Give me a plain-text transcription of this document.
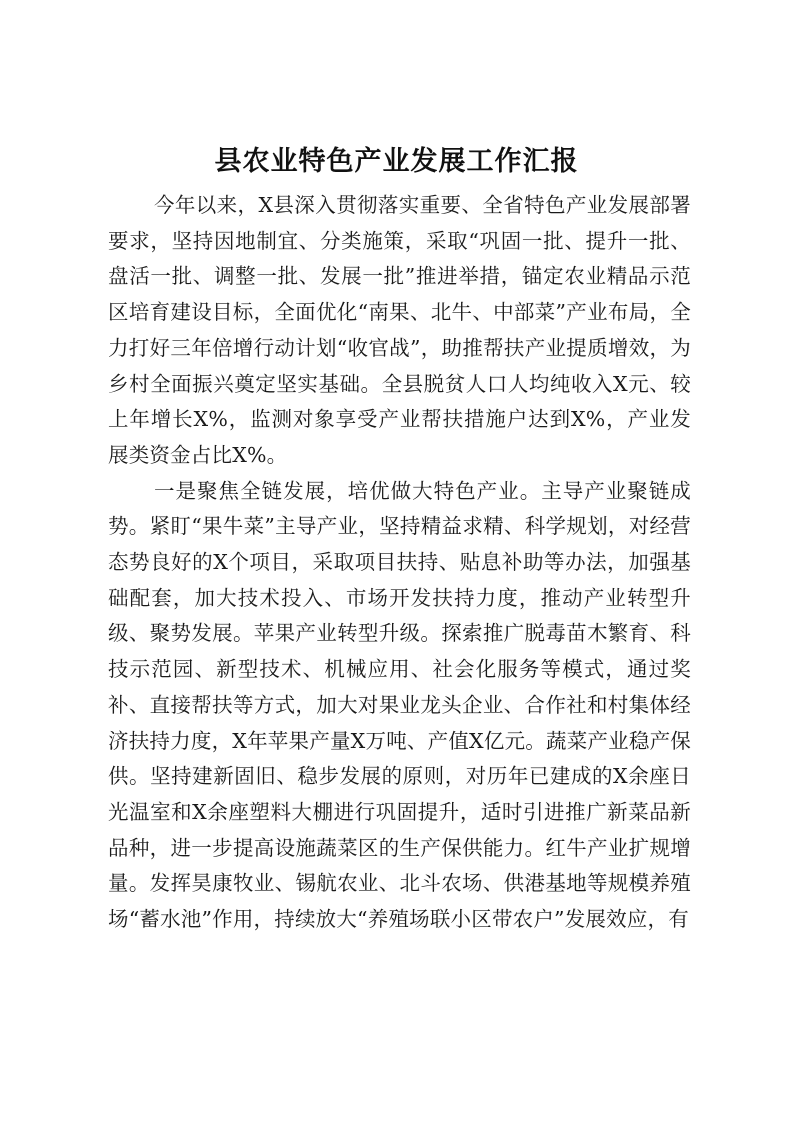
县农业特色产业发展工作汇报

今年以来，X县深入贯彻落实重要、全省特色产业发展部署要求，坚持因地制宜、分类施策，采取“巩固一批、提升一批、盘活一批、调整一批、发展一批”推进举措，锚定农业精品示范区培育建设目标，全面优化“南果、北牛、中部菜”产业布局，全力打好三年倍增行动计划“收官战”，助推帮扶产业提质增效，为乡村全面振兴奠定坚实基础。全县脱贫人口人均纯收入X元、较上年增长X%，监测对象享受产业帮扶措施户达到X%，产业发展类资金占比X%。

一是聚焦全链发展，培优做大特色产业。主导产业聚链成势。紧盯“果牛菜”主导产业，坚持精益求精、科学规划，对经营态势良好的X个项目，采取项目扶持、贴息补助等办法，加强基础配套，加大技术投入、市场开发扶持力度，推动产业转型升级、聚势发展。苹果产业转型升级。探索推广脱毒苗木繁育、科技示范园、新型技术、机械应用、社会化服务等模式，通过奖补、直接帮扶等方式，加大对果业龙头企业、合作社和村集体经济扶持力度，X年苹果产量X万吨、产值X亿元。蔬菜产业稳产保供。坚持建新固旧、稳步发展的原则，对历年已建成的X余座日光温室和X余座塑料大棚进行巩固提升，适时引进推广新菜品新品种，进一步提高设施蔬菜区的生产保供能力。红牛产业扩规增量。发挥昊康牧业、锡航农业、北斗农场、供港基地等规模养殖场“蓄水池”作用，持续放大“养殖场联小区带农户”发展效应，有
